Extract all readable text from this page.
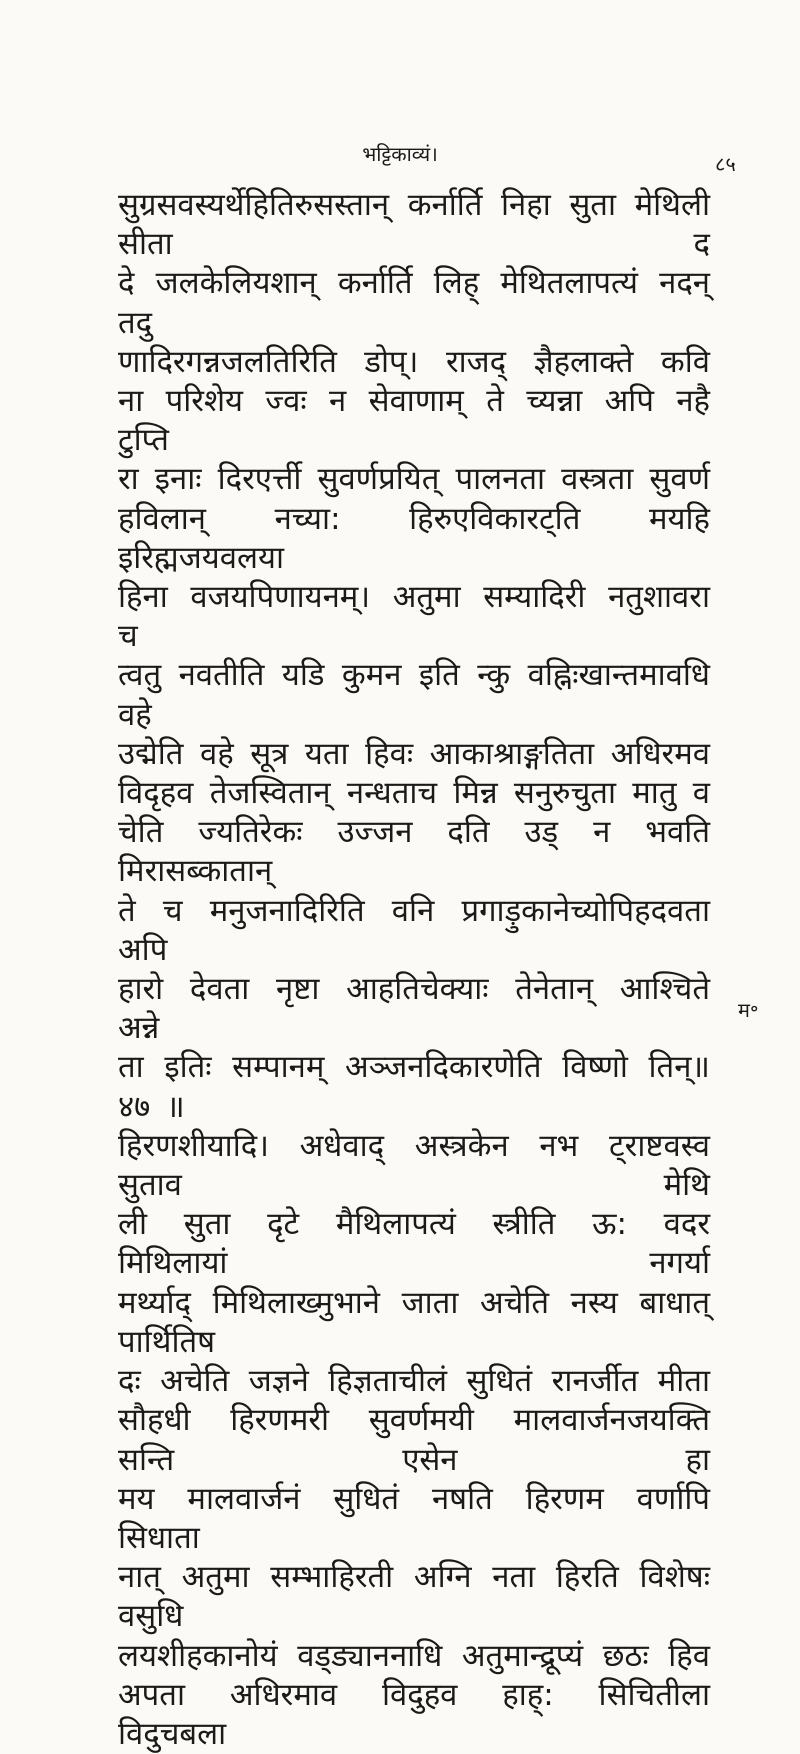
भट्टिकाव्यं।	८५
सुग्रसवस्यर्थेहितिरुसस्तान्‌ कर्नार्ति निहा सुता मेथिली सीता द
दे जलकेलियशान्‌ कर्नार्ति लिह्‌ मेथितलापत्यं नदन्‌ तदु
णादिरगन्नजलतिरिति डोप्‌। राजद्‌ ज्ञैहलाक्ते कवि
ना परिशेय ज्वः न सेवाणाम् ते च्यन्ना अपि नहै टुप्ति
रा इनाः दिरएर्त्ती सुवर्णप्रयित्‌ पालनता वस्त्रता सुवर्ण
हविलान्‌ नच्या: हिरुएविकारट्‌ति मयहि इरिह्मजयवलया
हिना वजयपिणायनम्‌। अतुमा सम्यादिरी नतुशावरा च
त्वतु नवतीति यडि कुमन इति न्कु वह्निःखान्तमावधि वहे
उद्मेति वहे सूत्र यता हिवः आकाश्राङ्गतिता अधिरमव
विदृहव तेजस्वितान्‌ नन्धताच मिन्न सनुरुचुता मातु व
चेति ज्यतिरेकः उज्जन दति उड्‌ न भवति मिरासब्कातान्‌
ते च मनुजनादिरिति वनि प्रगाड़ुकानेच्योपिहदवता अपि
हारो देवता नृष्टा आहतिचेक्याः तेनेतान्‌ आश्चिते अन्ने
ता इतिः सम्पानम्‌ अञ्जनदिकारणेति विष्णो तिन्‌॥ ४७ ॥
हिरणशीयादि। अधेवाद्‌ अस्त्रकेन नभ ट्‌राष्टवस्व सुताव मेथि
ली सुता दृटे मैथिलापत्यं स्त्रीति ऊ: वदर मिथिलायां नगर्या
मर्थ्याद्‌ मिथिलाख्मुभाने जाता अचेति नस्य बाधात्‌ पार्थितिष
दः अचेति जज्ञने हिज्ञताचीलं सुधितं रानर्जीत मीता
सौहधी हिरणमरी सुवर्णमयी मालवार्जनजयक्ति सन्ति एसेन हा
मय मालवार्जनं सुधितं नषति हिरणम वर्णापि सिधाता
नात्‌ अतुमा सम्भाहिरती अग्नि नता हिरति विशेषः वसुधि
लयशीहकानोयं वड्‌ड्याननाधि अतुमान्द्रूप्यं छठः हिव
अपता अधिरमाव विदुहव हाह्‌: सिचितीला विदुचबला
म॰
